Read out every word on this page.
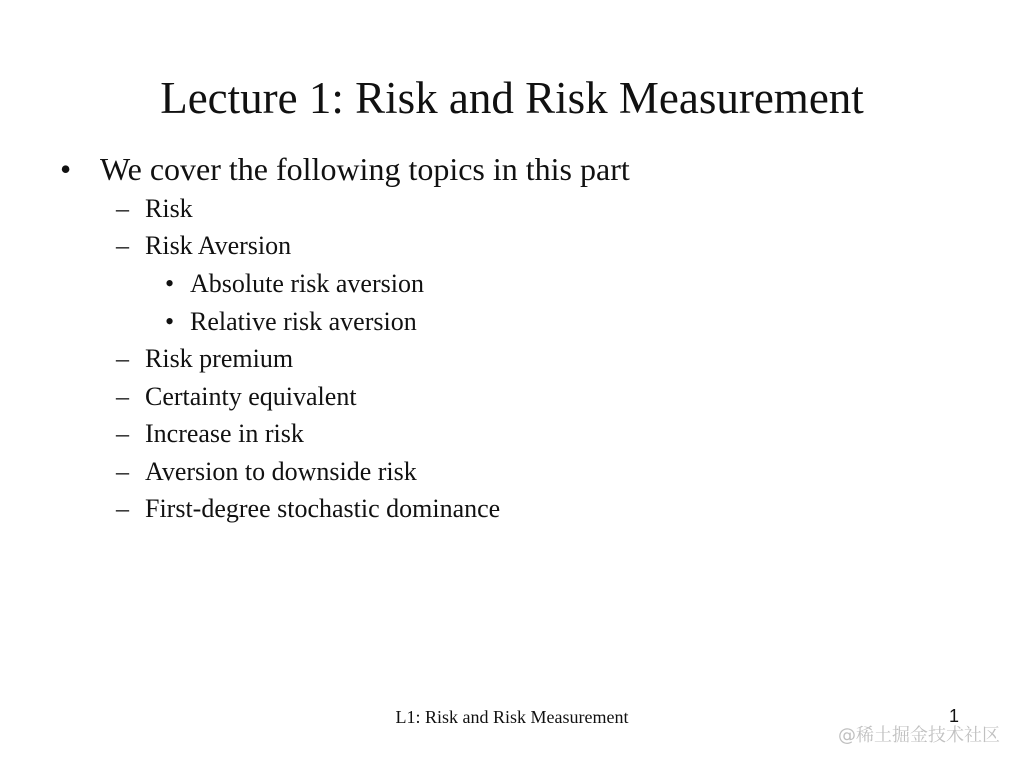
Lecture 1: Risk and Risk Measurement
• We cover the following topics in this part
– Risk
– Risk Aversion
• Absolute risk aversion
• Relative risk aversion
– Risk premium
– Certainty equivalent
– Increase in risk
– Aversion to downside risk
– First-degree stochastic dominance
L1: Risk and Risk Measurement	1
@稀土掘金技术社区
